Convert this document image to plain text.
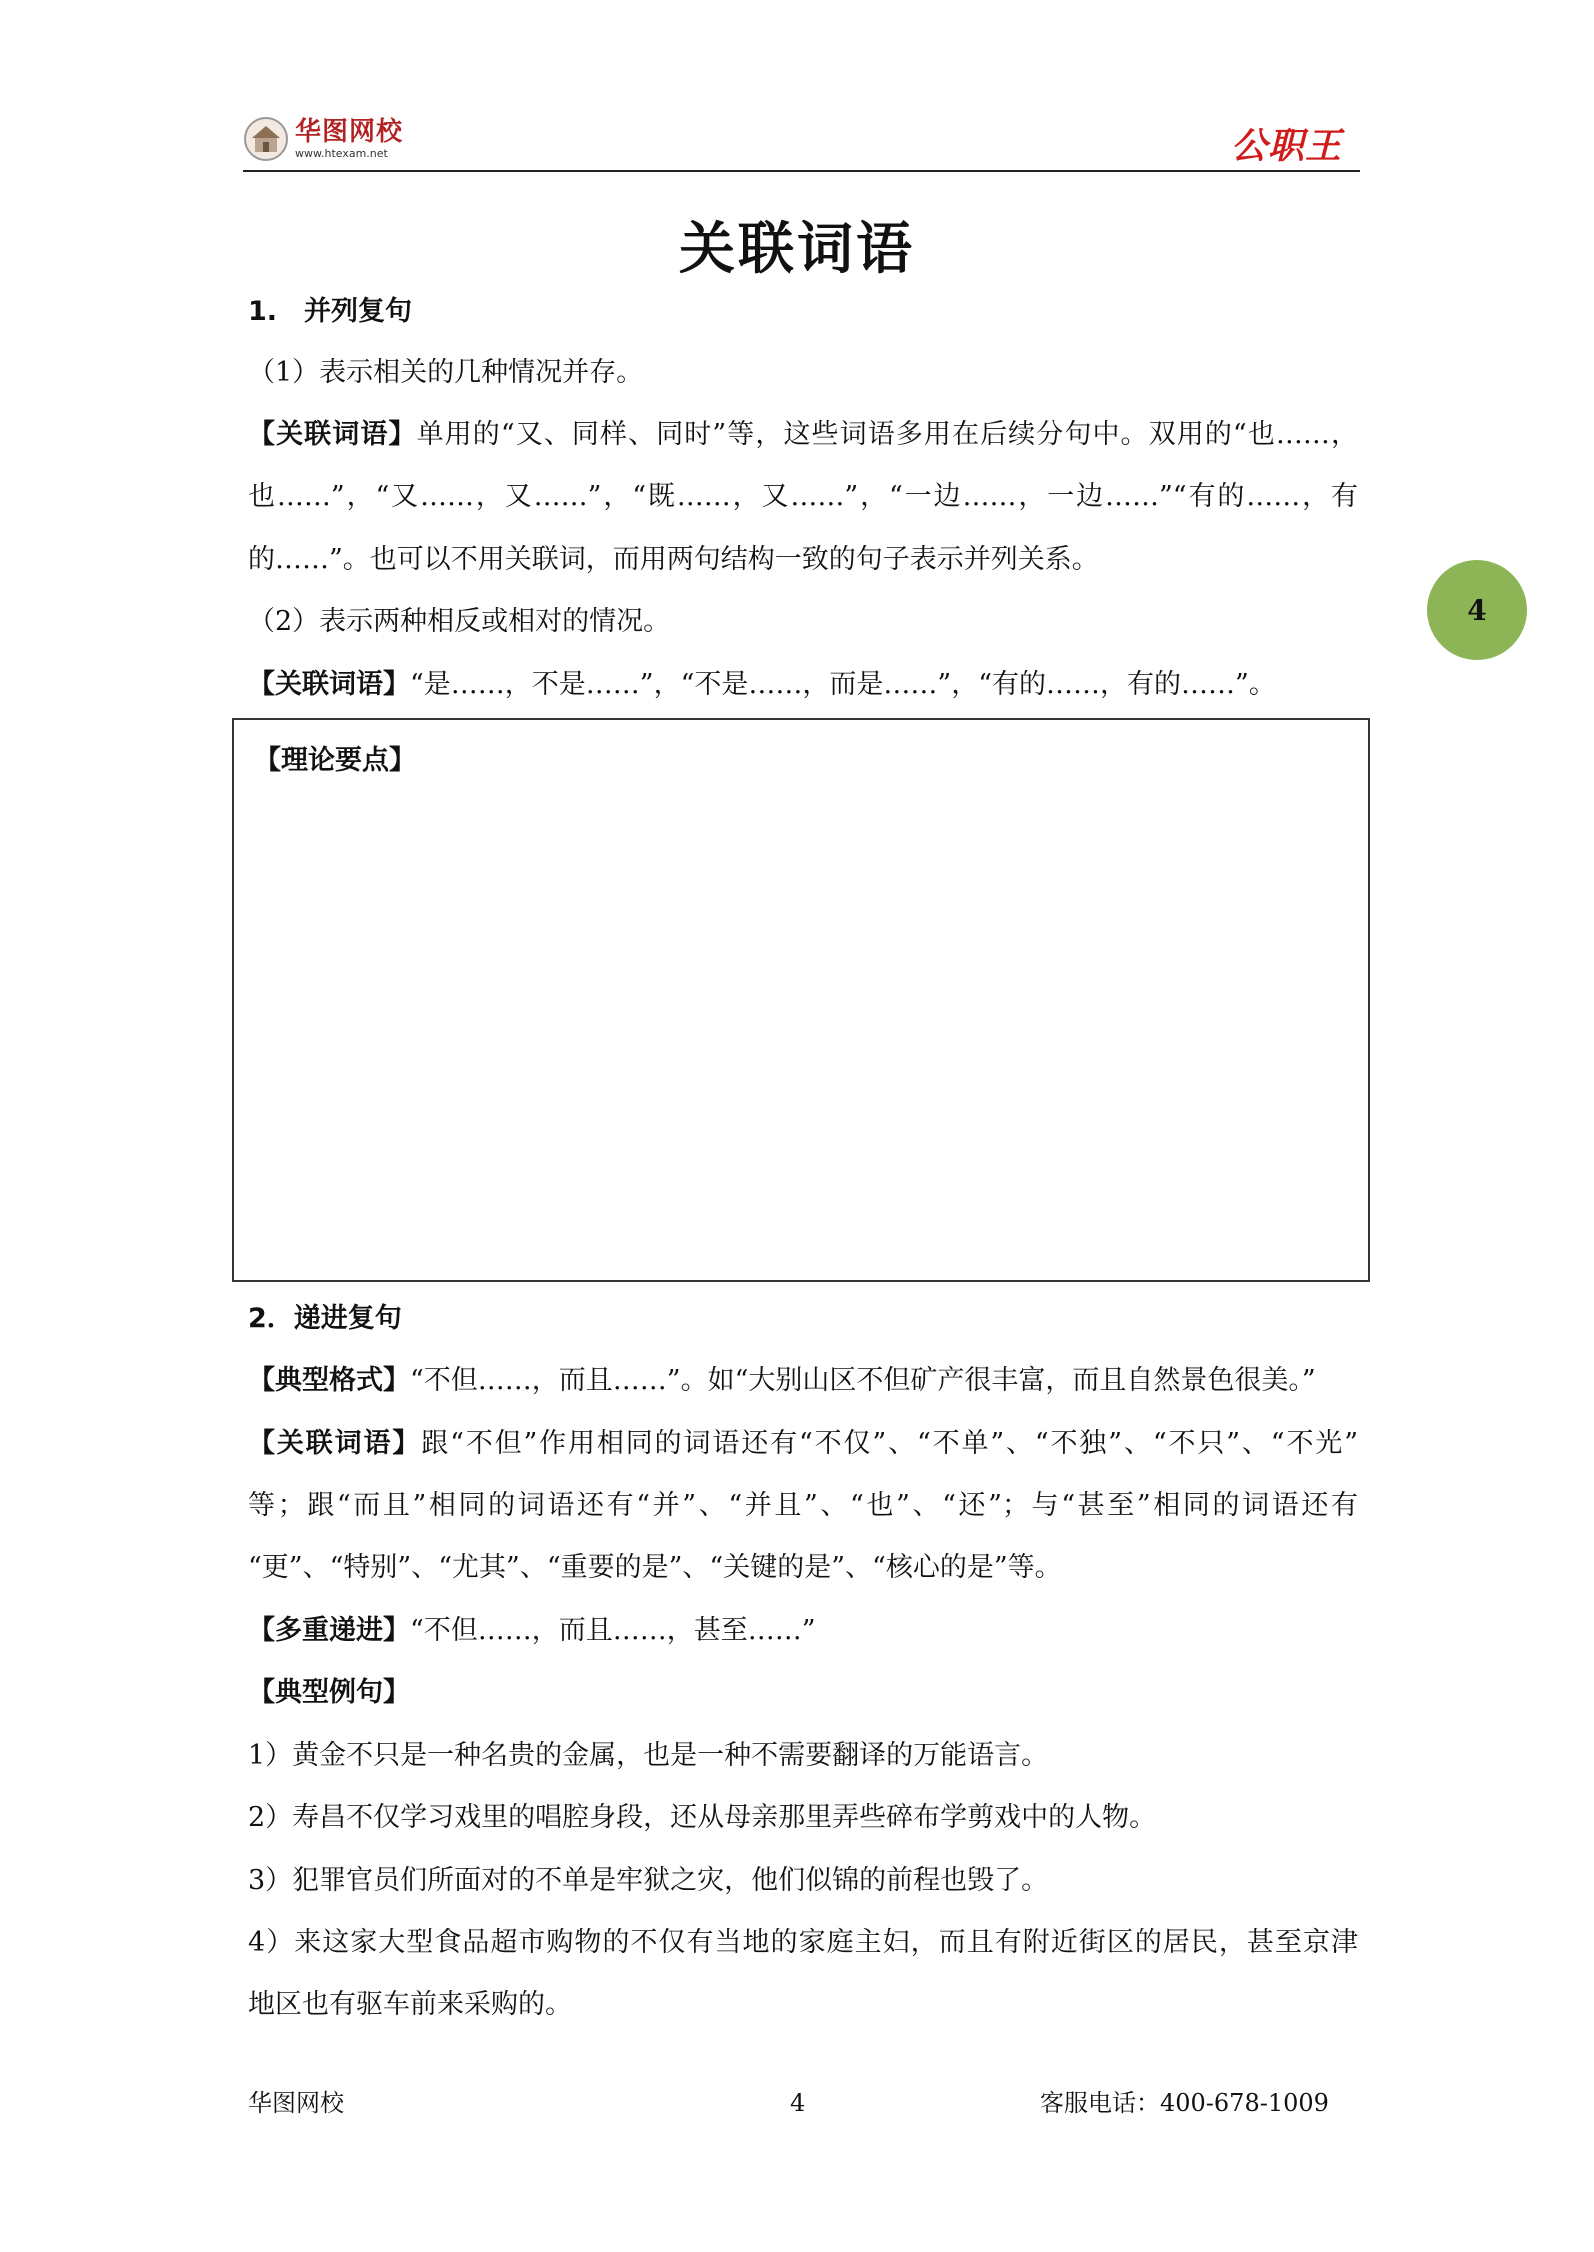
华图网校
www.htexam.net	公职王
关联词语
4
1.　并列复句
（1）表示相关的几种情况并存。
【关联词语】单用的“又、同样、同时”等，这些词语多用在后续分句中。双用的“也……，
也……”，“又……，又……”，“既……，又……”，“一边……，一边……”“有的……，有
的……”。也可以不用关联词，而用两句结构一致的句子表示并列关系。
（2）表示两种相反或相对的情况。
【关联词语】“是……，不是……”，“不是……，而是……”，“有的……，有的……”。
【理论要点】
2．递进复句
【典型格式】“不但……，而且……”。如“大别山区不但矿产很丰富，而且自然景色很美。”
【关联词语】跟“不但”作用相同的词语还有“不仅”、“不单”、“不独”、“不只”、“不光”
等；跟“而且”相同的词语还有“并”、“并且”、“也”、“还”；与“甚至”相同的词语还有
“更”、“特别”、“尤其”、“重要的是”、“关键的是”、“核心的是”等。
【多重递进】“不但……，而且……，甚至……”
【典型例句】
1）黄金不只是一种名贵的金属，也是一种不需要翻译的万能语言。
2）寿昌不仅学习戏里的唱腔身段，还从母亲那里弄些碎布学剪戏中的人物。
3）犯罪官员们所面对的不单是牢狱之灾，他们似锦的前程也毁了。
4）来这家大型食品超市购物的不仅有当地的家庭主妇，而且有附近街区的居民，甚至京津
地区也有驱车前来采购的。
华图网校	4	客服电话：400-678-1009
